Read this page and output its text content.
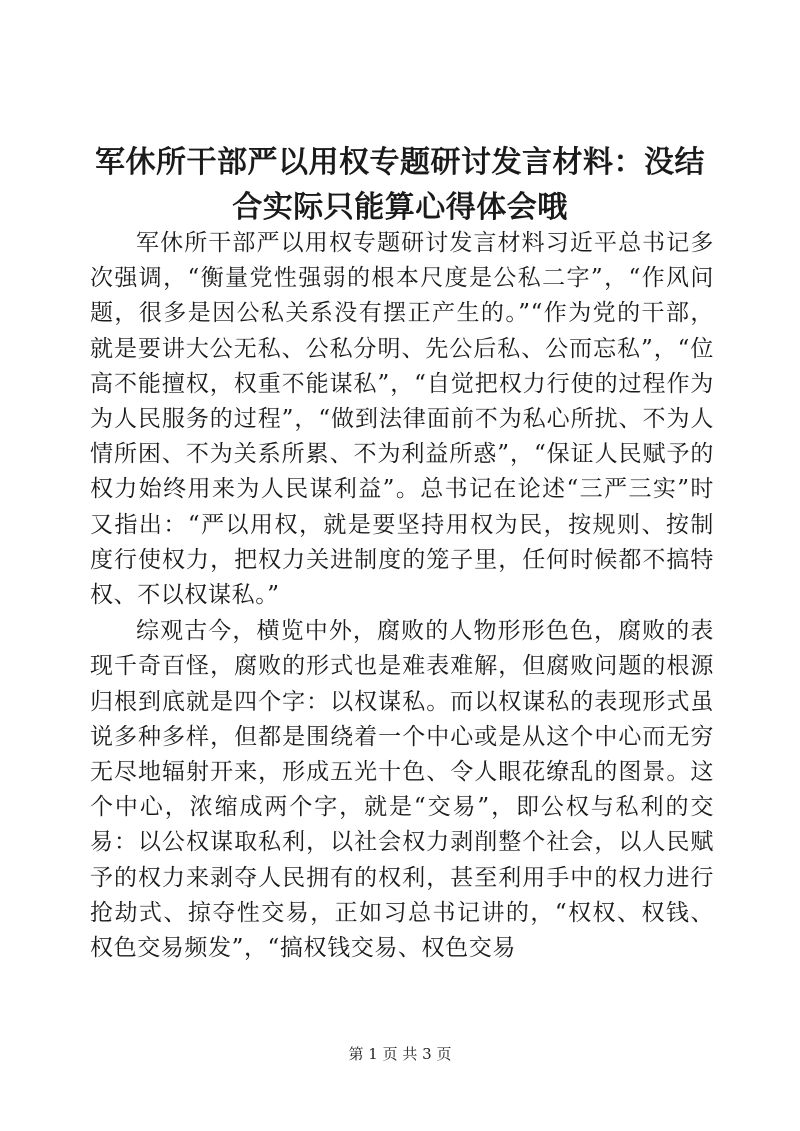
军休所干部严以用权专题研讨发言材料：没结合实际只能算心得体会哦

军休所干部严以用权专题研讨发言材料习近平总书记多次强调，“衡量党性强弱的根本尺度是公私二字”，“作风问题，很多是因公私关系没有摆正产生的。”“作为党的干部，就是要讲大公无私、公私分明、先公后私、公而忘私”，“位高不能擅权，权重不能谋私”，“自觉把权力行使的过程作为为人民服务的过程”，“做到法律面前不为私心所扰、不为人情所困、不为关系所累、不为利益所惑”，“保证人民赋予的权力始终用来为人民谋利益”。总书记在论述“三严三实”时又指出：“严以用权，就是要坚持用权为民，按规则、按制度行使权力，把权力关进制度的笼子里，任何时候都不搞特权、不以权谋私。”

综观古今，横览中外，腐败的人物形形色色，腐败的表现千奇百怪，腐败的形式也是难表难解，但腐败问题的根源归根到底就是四个字：以权谋私。而以权谋私的表现形式虽说多种多样，但都是围绕着一个中心或是从这个中心而无穷无尽地辐射开来，形成五光十色、令人眼花缭乱的图景。这个中心，浓缩成两个字，就是“交易”，即公权与私利的交易：以公权谋取私利，以社会权力剥削整个社会，以人民赋予的权力来剥夺人民拥有的权利，甚至利用手中的权力进行抢劫式、掠夺性交易，正如习总书记讲的，“权权、权钱、权色交易频发”，“搞权钱交易、权色交易

第 1 页 共 3 页
